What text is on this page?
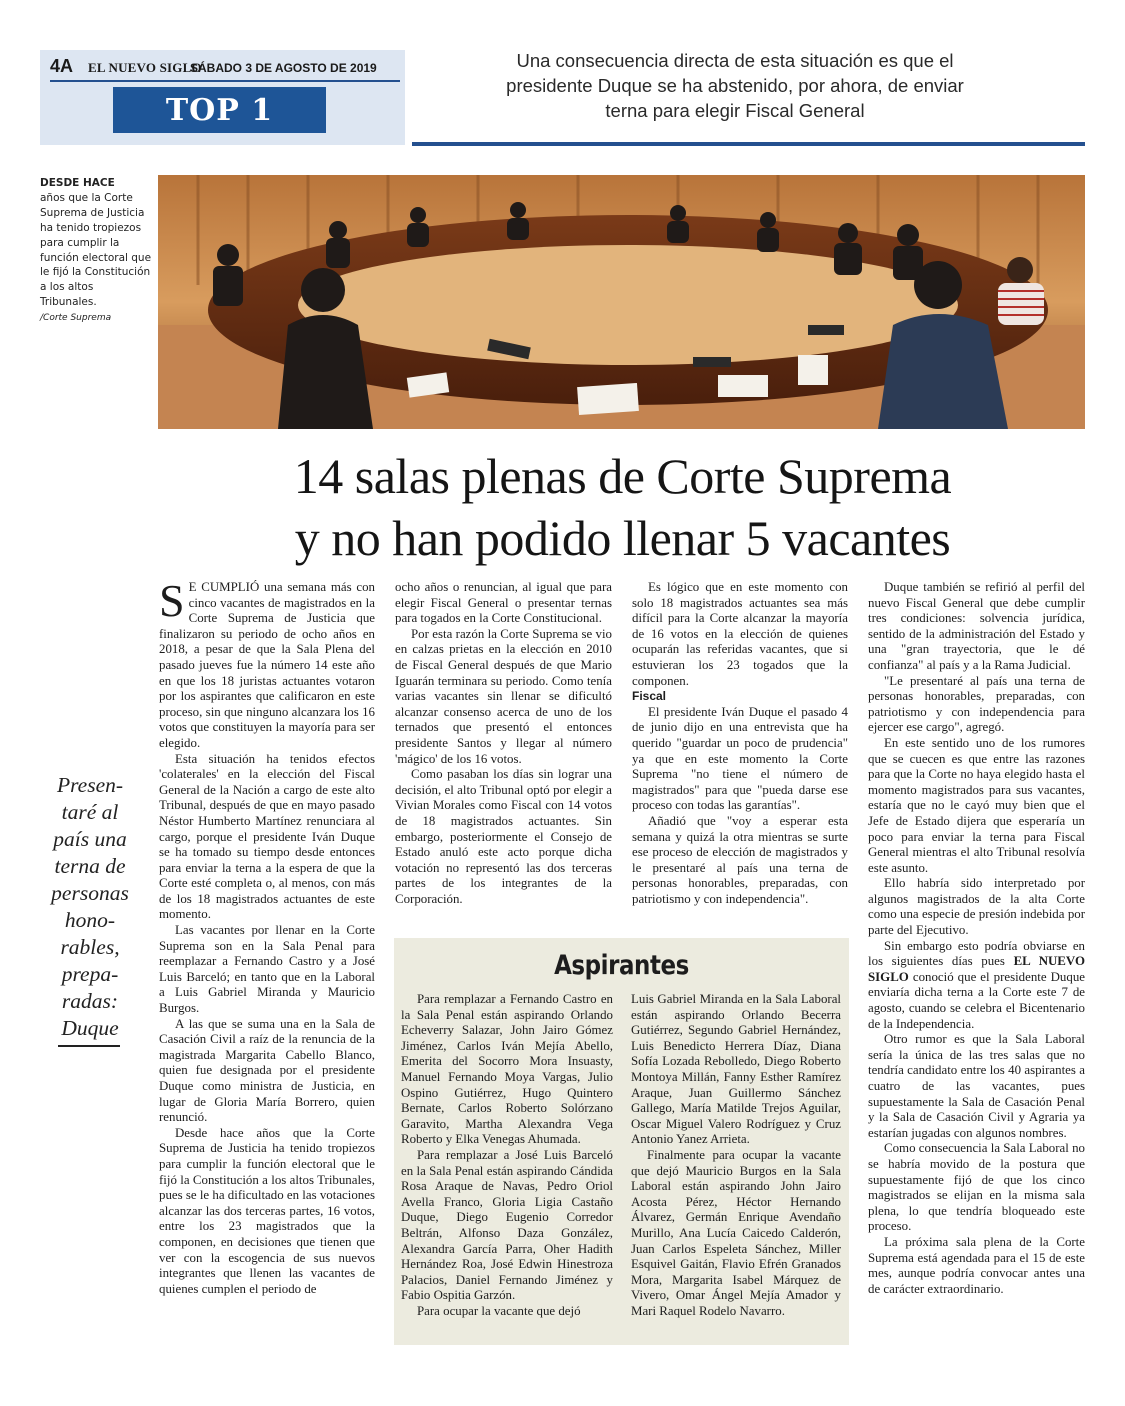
4A EL NUEVO SIGLO
SÁBADO 3 DE AGOSTO DE 2019
TOP 1
Una consecuencia directa de esta situación es que el
presidente Duque se ha abstenido, por ahora, de enviar
terna para elegir Fiscal General
DESDE HACE
años que la Corte Suprema de Justicia ha tenido tropiezos para cumplir la función electoral que le fijó la Constitución a los altos Tribunales.
/Corte Suprema
14 salas plenas de Corte Suprema
y no han podido llenar 5 vacantes
Presen-taré al país una terna de personas hono-rables, prepa-radas: Duque

S E CUMPLIÓ una semana más con cinco vacantes de magistrados en la Corte Suprema de Justicia que finalizaron su periodo de ocho años en 2018, a pesar de que la Sala Plena del pasado jueves fue la número 14 este año en que los 18 juristas actuantes votaron por los aspirantes que calificaron en este proceso, sin que ninguno alcanzara los 16 votos que constituyen la mayoría para ser elegido.

Esta situación ha tenidos efectos 'colaterales' en la elección del Fiscal General de la Nación a cargo de este alto Tribunal, después de que en mayo pasado Néstor Humberto Martínez renunciara al cargo, porque el presidente Iván Duque se ha tomado su tiempo desde entonces para enviar la terna a la espera de que la Corte esté completa o, al menos, con más de los 18 magistrados actuantes de este momento.

Las vacantes por llenar en la Corte Suprema son en la Sala Penal para reemplazar a Fernando Castro y a José Luis Barceló; en tanto que en la Laboral a Luis Gabriel Miranda y Mauricio Burgos.

A las que se suma una en la Sala de Casación Civil a raíz de la renuncia de la magistrada Margarita Cabello Blanco, quien fue designada por el presidente Duque como ministra de Justicia, en lugar de Gloria María Borrero, quien renunció.

Desde hace años que la Corte Suprema de Justicia ha tenido tropiezos para cumplir la función electoral que le fijó la Constitución a los altos Tribunales, pues se le ha dificultado en las votaciones alcanzar las dos terceras partes, 16 votos, entre los 23 magistrados que la componen, en decisiones que tienen que ver con la escogencia de sus nuevos integrantes que llenen las vacantes de quienes cumplen el periodo de

ocho años o renuncian, al igual que para elegir Fiscal General o presentar ternas para togados en la Corte Constitucional.

Por esta razón la Corte Suprema se vio en calzas prietas en la elección en 2010 de Fiscal General después de que Mario Iguarán terminara su periodo. Como tenía varias vacantes sin llenar se dificultó alcanzar consenso acerca de uno de los ternados que presentó el entonces presidente Santos y llegar al número 'mágico' de los 16 votos.

Como pasaban los días sin lograr una decisión, el alto Tribunal optó por elegir a Vivian Morales como Fiscal con 14 votos de 18 magistrados actuantes. Sin embargo, posteriormente el Consejo de Estado anuló este acto porque dicha votación no representó las dos terceras partes de los integrantes de la Corporación.

Es lógico que en este momento con solo 18 magistrados actuantes sea más difícil para la Corte alcanzar la mayoría de 16 votos en la elección de quienes ocuparán las referidas vacantes, que si estuvieran los 23 togados que la componen.

Fiscal

El presidente Iván Duque el pasado 4 de junio dijo en una entrevista que ha querido "guardar un poco de prudencia" ya que en este momento la Corte Suprema "no tiene el número de magistrados" para que "pueda darse ese proceso con todas las garantías".

Añadió que "voy a esperar esta semana y quizá la otra mientras se surte ese proceso de elección de magistrados y le presentaré al país una terna de personas honorables, preparadas, con patriotismo y con independencia".

Duque también se refirió al perfil del nuevo Fiscal General que debe cumplir tres condiciones: solvencia jurídica, sentido de la administración del Estado y una "gran trayectoria, que le dé confianza" al país y a la Rama Judicial.

"Le presentaré al país una terna de personas honorables, preparadas, con patriotismo y con independencia para ejercer ese cargo", agregó.

En este sentido uno de los rumores que se cuecen es que entre las razones para que la Corte no haya elegido hasta el momento magistrados para sus vacantes, estaría que no le cayó muy bien que el Jefe de Estado dijera que esperaría un poco para enviar la terna para Fiscal General mientras el alto Tribunal resolvía este asunto.

Ello habría sido interpretado por algunos magistrados de la alta Corte como una especie de presión indebida por parte del Ejecutivo.

Sin embargo esto podría obviarse en los siguientes días pues EL NUEVO SIGLO conoció que el presidente Duque enviaría dicha terna a la Corte este 7 de agosto, cuando se celebra el Bicentenario de la Independencia.

Otro rumor es que la Sala Laboral sería la única de las tres salas que no tendría candidato entre los 40 aspirantes a cuatro de las vacantes, pues supuestamente la Sala de Casación Penal y la Sala de Casación Civil y Agraria ya estarían jugadas con algunos nombres.

Como consecuencia la Sala Laboral no se habría movido de la postura que supuestamente fijó de que los cinco magistrados se elijan en la misma sala plena, lo que tendría bloqueado este proceso.

La próxima sala plena de la Corte Suprema está agendada para el 15 de este mes, aunque podría convocar antes una de carácter extraordinario.

Aspirantes

Para remplazar a Fernando Castro en la Sala Penal están aspirando Orlando Echeverry Salazar, John Jairo Gómez Jiménez, Carlos Iván Mejía Abello, Emerita del Socorro Mora Insuasty, Manuel Fernando Moya Vargas, Julio Ospino Gutiérrez, Hugo Quintero Bernate, Carlos Roberto Solórzano Garavito, Martha Alexandra Vega Roberto y Elka Venegas Ahumada.

Para remplazar a José Luis Barceló en la Sala Penal están aspirando Cándida Rosa Araque de Navas, Pedro Oriol Avella Franco, Gloria Ligia Castaño Duque, Diego Eugenio Corredor Beltrán, Alfonso Daza González, Alexandra García Parra, Oher Hadith Hernández Roa, José Edwin Hinestroza Palacios, Daniel Fernando Jiménez y Fabio Ospitia Garzón.

Para ocupar la vacante que dejó

Luis Gabriel Miranda en la Sala Laboral están aspirando Orlando Becerra Gutiérrez, Segundo Gabriel Hernández, Luis Benedicto Herrera Díaz, Diana Sofía Lozada Rebolledo, Diego Roberto Montoya Millán, Fanny Esther Ramírez Araque, Juan Guillermo Sánchez Gallego, María Matilde Trejos Aguilar, Oscar Miguel Valero Rodríguez y Cruz Antonio Yanez Arrieta.

Finalmente para ocupar la vacante que dejó Mauricio Burgos en la Sala Laboral están aspirando John Jairo Acosta Pérez, Héctor Hernando Álvarez, Germán Enrique Avendaño Murillo, Ana Lucía Caicedo Calderón, Juan Carlos Espeleta Sánchez, Miller Esquivel Gaitán, Flavio Efrén Granados Mora, Margarita Isabel Márquez de Vivero, Omar Ángel Mejía Amador y Mari Raquel Rodelo Navarro.
